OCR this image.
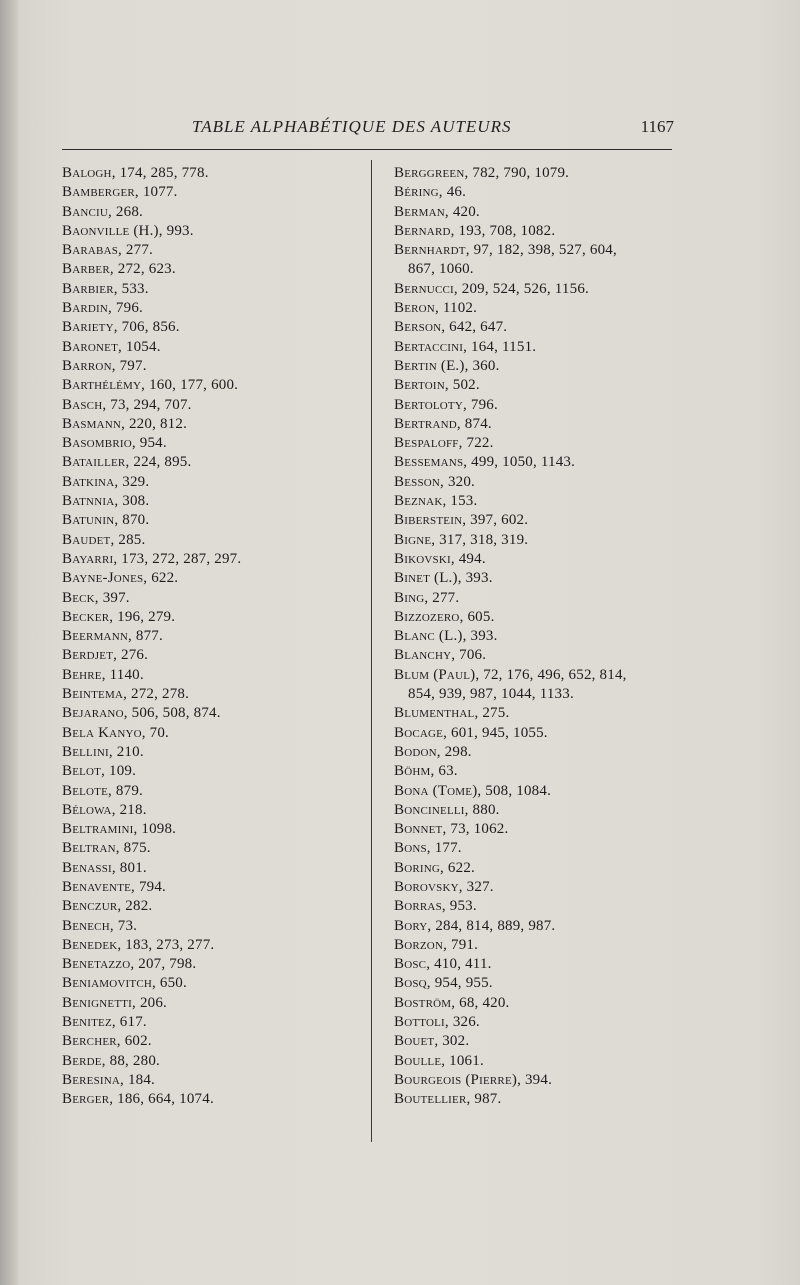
TABLE ALPHABÉTIQUE DES AUTEURS	1167
Balogh, 174, 285, 778.
Bamberger, 1077.
Banciu, 268.
Baonville (H.), 993.
Barabas, 277.
Barber, 272, 623.
Barbier, 533.
Bardin, 796.
Bariety, 706, 856.
Baronet, 1054.
Barron, 797.
Barthélémy, 160, 177, 600.
Basch, 73, 294, 707.
Basmann, 220, 812.
Basombrio, 954.
Batailler, 224, 895.
Batkina, 329.
Batnnia, 308.
Batunin, 870.
Baudet, 285.
Bayarri, 173, 272, 287, 297.
Bayne-Jones, 622.
Beck, 397.
Becker, 196, 279.
Beermann, 877.
Berdjet, 276.
Behre, 1140.
Beintema, 272, 278.
Bejarano, 506, 508, 874.
Bela Kanyo, 70.
Bellini, 210.
Belot, 109.
Belote, 879.
Bélowa, 218.
Beltramini, 1098.
Beltran, 875.
Benassi, 801.
Benavente, 794.
Benczur, 282.
Benech, 73.
Benedek, 183, 273, 277.
Benetazzo, 207, 798.
Beniamovitch, 650.
Benignetti, 206.
Benitez, 617.
Bercher, 602.
Berde, 88, 280.
Beresina, 184.
Berger, 186, 664, 1074.
Berggreen, 782, 790, 1079.
Béring, 46.
Berman, 420.
Bernard, 193, 708, 1082.
Bernhardt, 97, 182, 398, 527, 604,
867, 1060.
Bernucci, 209, 524, 526, 1156.
Beron, 1102.
Berson, 642, 647.
Bertaccini, 164, 1151.
Bertin (E.), 360.
Bertoin, 502.
Bertoloty, 796.
Bertrand, 874.
Bespaloff, 722.
Bessemans, 499, 1050, 1143.
Besson, 320.
Beznak, 153.
Biberstein, 397, 602.
Bigne, 317, 318, 319.
Bikovski, 494.
Binet (L.), 393.
Bing, 277.
Bizzozero, 605.
Blanc (L.), 393.
Blanchy, 706.
Blum (Paul), 72, 176, 496, 652, 814,
854, 939, 987, 1044, 1133.
Blumenthal, 275.
Bocage, 601, 945, 1055.
Bodon, 298.
Böhm, 63.
Bona (Tome), 508, 1084.
Boncinelli, 880.
Bonnet, 73, 1062.
Bons, 177.
Boring, 622.
Borovsky, 327.
Borras, 953.
Bory, 284, 814, 889, 987.
Borzon, 791.
Bosc, 410, 411.
Bosq, 954, 955.
Boström, 68, 420.
Bottoli, 326.
Bouet, 302.
Boulle, 1061.
Bourgeois (Pierre), 394.
Boutellier, 987.
